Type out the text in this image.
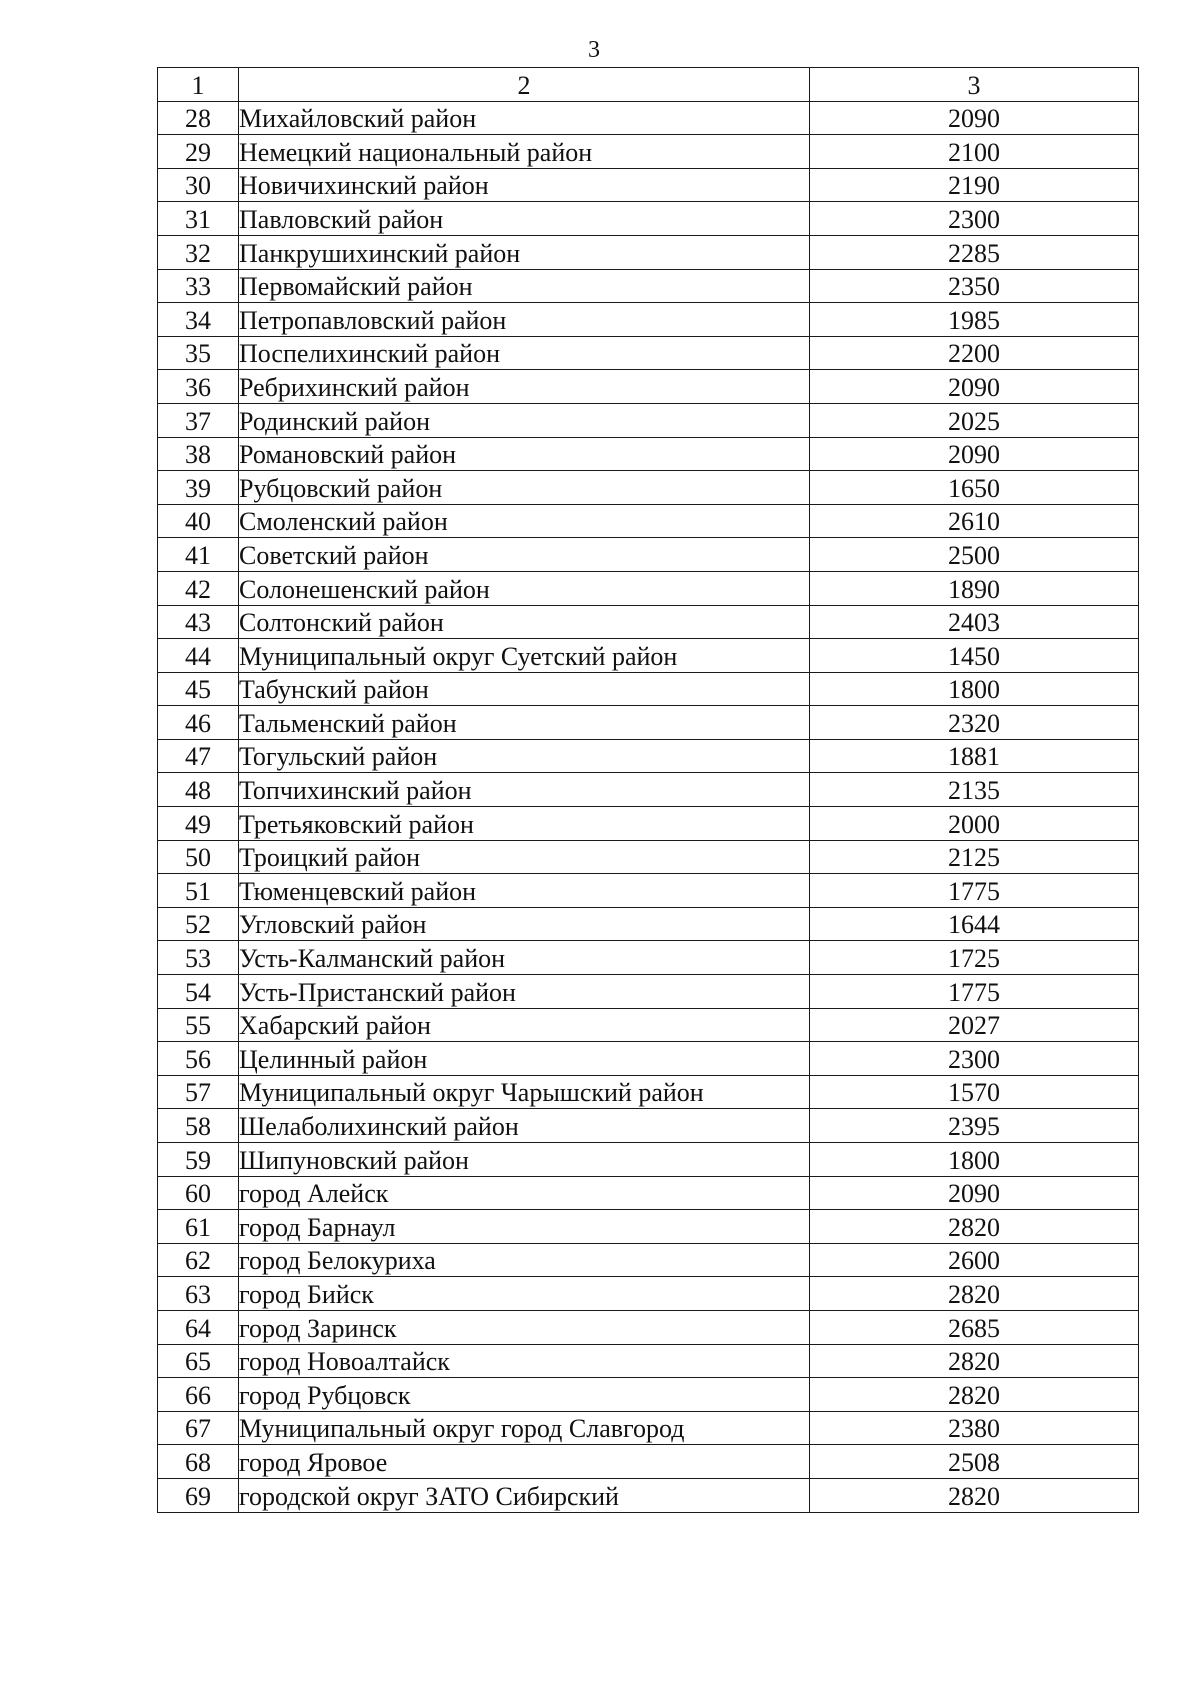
3
1	2	3
28	Михайловский район	2090
29	Немецкий национальный район	2100
30	Новичихинский район	2190
31	Павловский район	2300
32	Панкрушихинский район	2285
33	Первомайский район	2350
34	Петропавловский район	1985
35	Поспелихинский район	2200
36	Ребрихинский район	2090
37	Родинский район	2025
38	Романовский район	2090
39	Рубцовский район	1650
40	Смоленский район	2610
41	Советский район	2500
42	Солонешенский район	1890
43	Солтонский район	2403
44	Муниципальный округ Суетский район	1450
45	Табунский район	1800
46	Тальменский район	2320
47	Тогульский район	1881
48	Топчихинский район	2135
49	Третьяковский район	2000
50	Троицкий район	2125
51	Тюменцевский район	1775
52	Угловский район	1644
53	Усть-Калманский район	1725
54	Усть-Пристанский район	1775
55	Хабарский район	2027
56	Целинный район	2300
57	Муниципальный округ Чарышский район	1570
58	Шелаболихинский район	2395
59	Шипуновский район	1800
60	город Алейск	2090
61	город Барнаул	2820
62	город Белокуриха	2600
63	город Бийск	2820
64	город Заринск	2685
65	город Новоалтайск	2820
66	город Рубцовск	2820
67	Муниципальный округ город Славгород	2380
68	город Яровое	2508
69	городской округ ЗАТО Сибирский	2820
